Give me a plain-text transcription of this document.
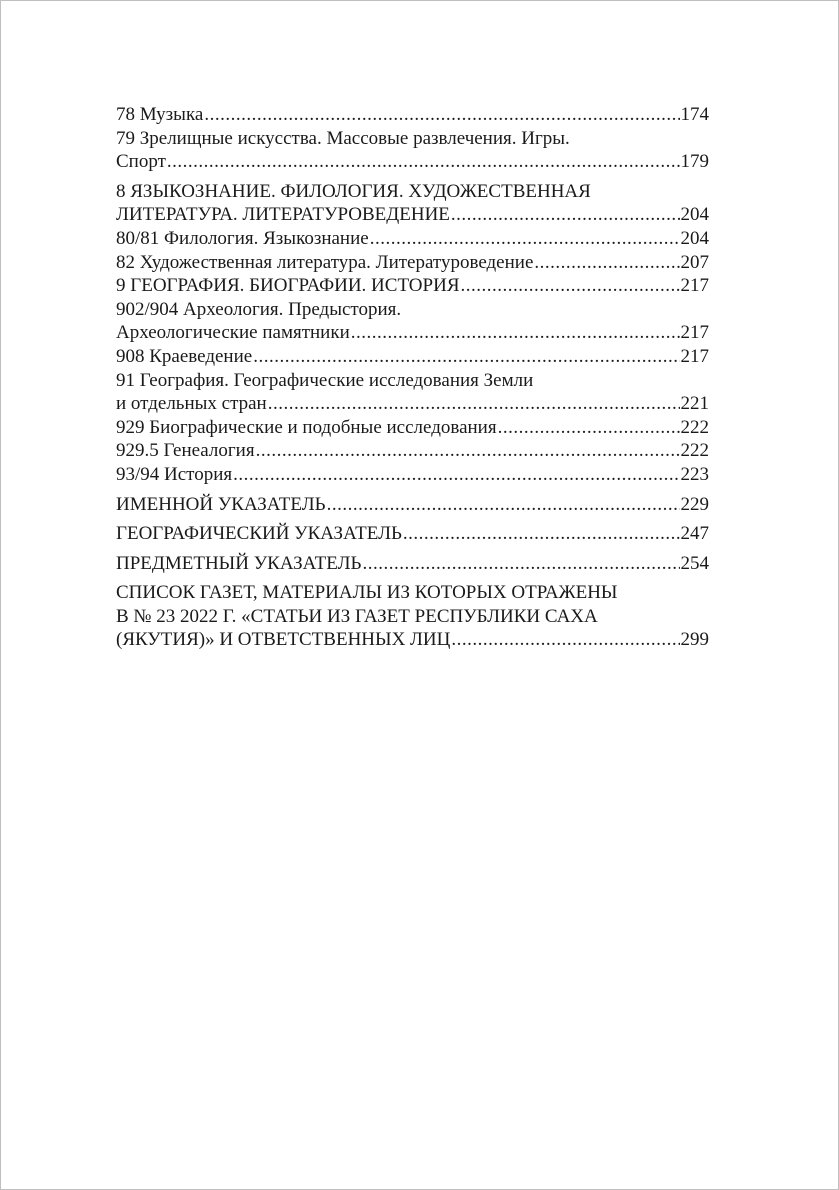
78 Музыка .....	174
79 Зрелищные искусства. Массовые развлечения. Игры.
Спорт .....	179
8 ЯЗЫКОЗНАНИЕ. ФИЛОЛОГИЯ. ХУДОЖЕСТВЕННАЯ
ЛИТЕРАТУРА. ЛИТЕРАТУРОВЕДЕНИЕ .....	204
80/81 Филология. Языкознание .....	204
82 Художественная литература. Литературоведение .....	207
9 ГЕОГРАФИЯ. БИОГРАФИИ. ИСТОРИЯ .....	217
902/904 Археология. Предыстория.
Археологические памятники .....	217
908 Краеведение .....	217
91 География. Географические исследования Земли
и отдельных стран .....	221
929 Биографические и подобные исследования .....	222
929.5 Генеалогия .....	222
93/94 История .....	223
ИМЕННОЙ УКАЗАТЕЛЬ .....	229
ГЕОГРАФИЧЕСКИЙ УКАЗАТЕЛЬ .....	247
ПРЕДМЕТНЫЙ УКАЗАТЕЛЬ .....	254
СПИСОК ГАЗЕТ, МАТЕРИАЛЫ ИЗ КОТОРЫХ ОТРАЖЕНЫ
В № 23 2022 Г. «СТАТЬИ ИЗ ГАЗЕТ РЕСПУБЛИКИ САХА
(ЯКУТИЯ)» И ОТВЕТСТВЕННЫХ ЛИЦ .....	299
